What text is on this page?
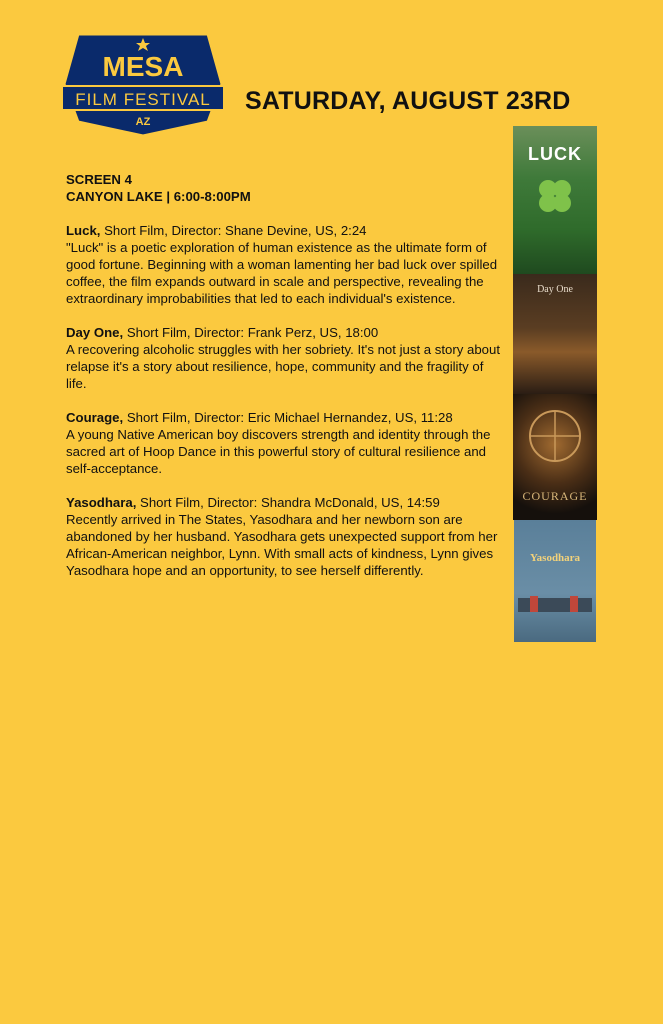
MESA
FILM FESTIVAL
AZ
SATURDAY, AUGUST 23RD
SCREEN 4
CANYON LAKE | 6:00-8:00PM
Luck, Short Film, Director: Shane Devine, US, 2:24

"Luck" is a poetic exploration of human existence as the ultimate form of good fortune. Beginning with a woman lamenting her bad luck over spilled coffee, the film expands outward in scale and perspective, revealing the extraordinary improbabilities that led to each individual's existence.

Day One, Short Film, Director: Frank Perz, US, 18:00

A recovering alcoholic struggles with her sobriety. It's not just a story about relapse it's a story about resilience, hope, community and the fragility of life.

Courage, Short Film, Director: Eric Michael Hernandez, US, 11:28

A young Native American boy discovers strength and identity through the sacred art of Hoop Dance in this powerful story of cultural resilience and self-acceptance.

Yasodhara, Short Film, Director: Shandra McDonald, US, 14:59

Recently arrived in The States, Yasodhara and her newborn son are abandoned by her husband. Yasodhara gets unexpected support from her African-American neighbor, Lynn. With small acts of kindness, Lynn gives Yasodhara hope and an opportunity, to see herself differently.

LUCK
Day One
COURAGE
Yasodhara
